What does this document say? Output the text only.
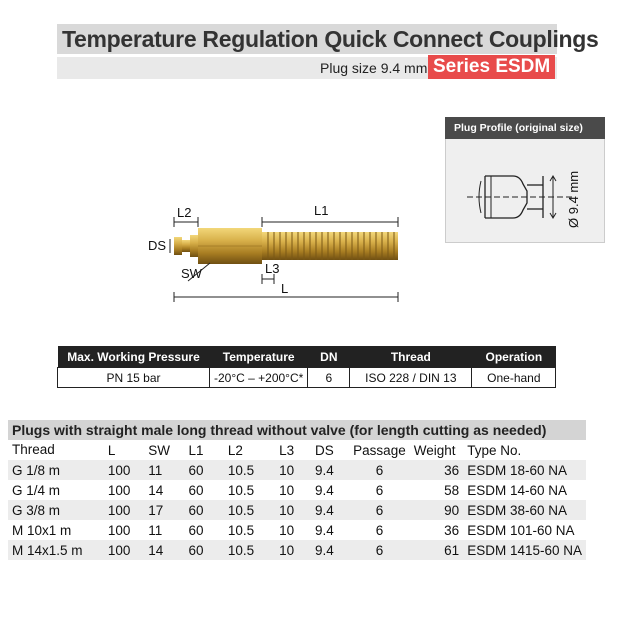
Temperature Regulation Quick Connect Couplings
Plug size 9.4 mm Series ESDM
Plug Profile (original size)
Ø 9.4 mm
L2	L1
DS
SW	L3
L
Max. Working Pressure	Temperature	DN	Thread	Operation
PN 15 bar	-20°C – +200°C*	6	ISO 228 / DIN 13	One-hand
Plugs with straight male long thread without valve (for length cutting as needed)
Thread	L	SW	L1	L2	L3	DS	Passage	Weight	Type No.
G 1/8 m	100	11	60	10.5	10	9.4	6	36	ESDM 18-60 NA
G 1/4 m	100	14	60	10.5	10	9.4	6	58	ESDM 14-60 NA
G 3/8 m	100	17	60	10.5	10	9.4	6	90	ESDM 38-60 NA
M 10x1 m	100	11	60	10.5	10	9.4	6	36	ESDM 101-60 NA
M 14x1.5 m	100	14	60	10.5	10	9.4	6	61	ESDM 1415-60 NA
